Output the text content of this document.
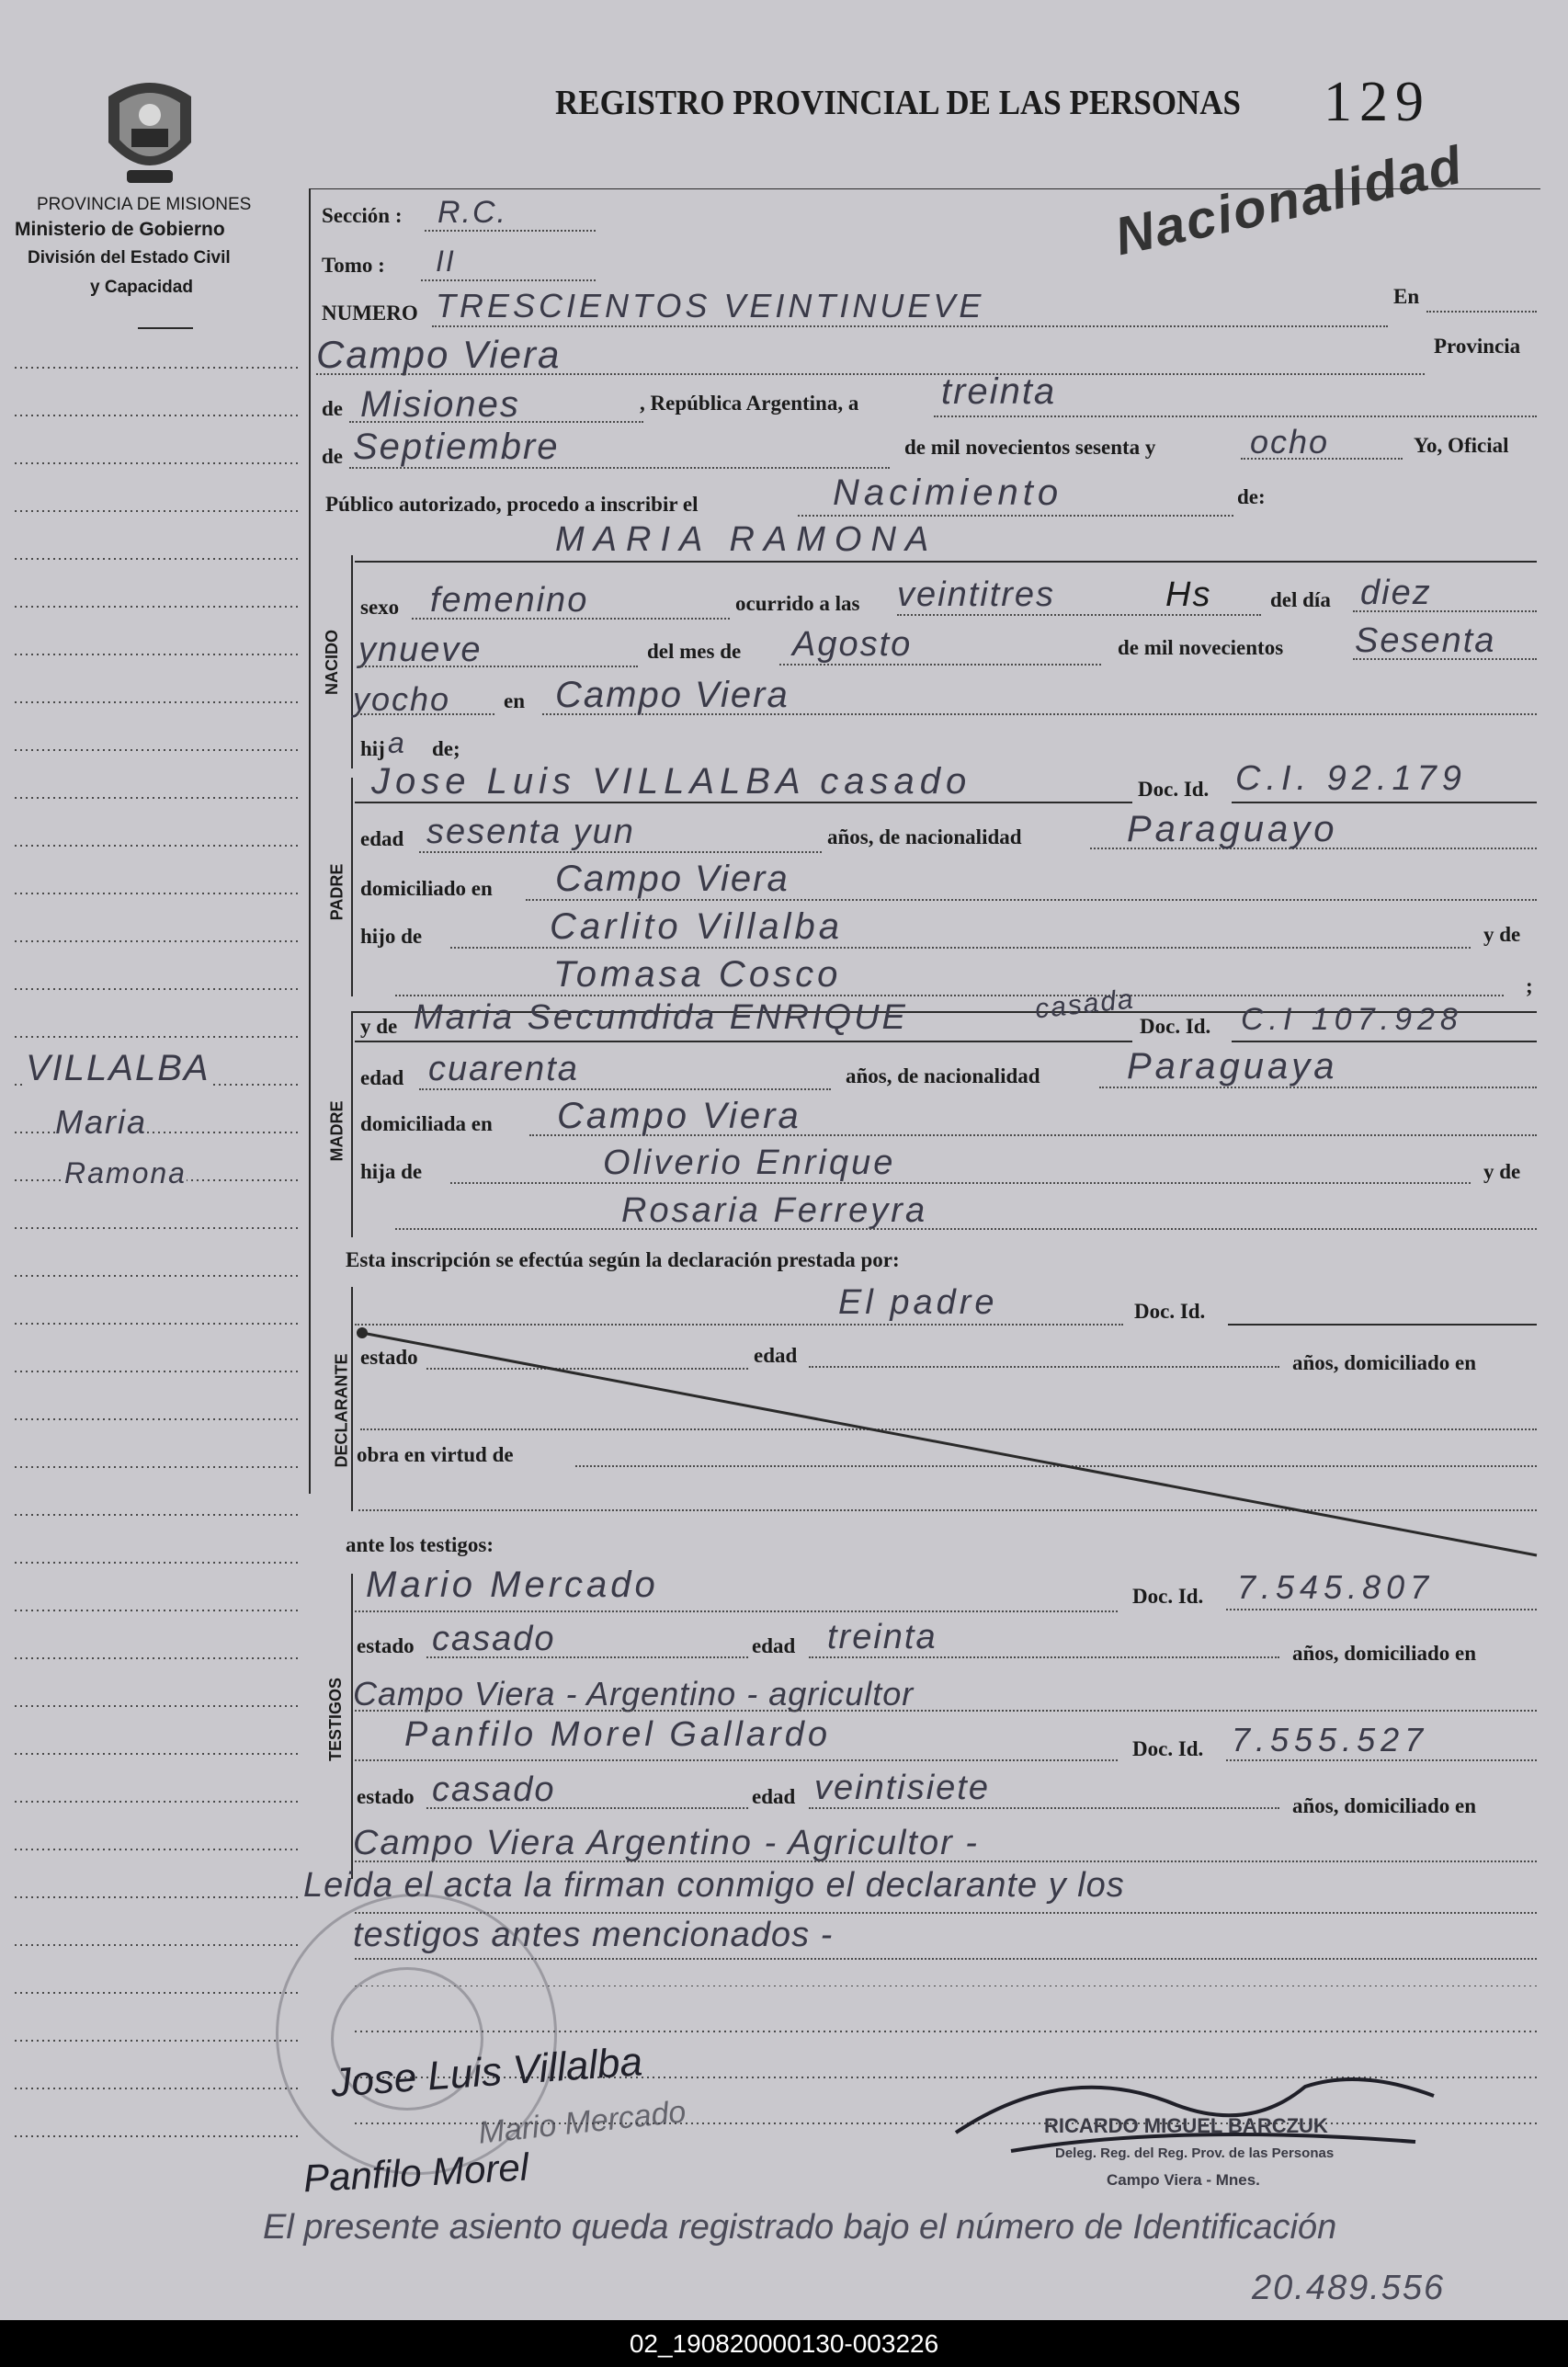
PROVINCIA DE MISIONES
Ministerio de Gobierno
División del Estado Civil
y Capacidad
REGISTRO PROVINCIAL DE LAS PERSONAS 129
Nacionalidad
VILLALBA
Maria
Ramona
Sección : R.C.
Tomo : II
NUMERO TRESCIENTOS VEINTINUEVE	En
Campo Viera	Provincia
de Misiones	, República Argentina, a treinta
de Septiembre	de mil novecientos sesenta y	ocho	Yo, Oficial
Público autorizado, procedo a inscribir el	Nacimiento	de:
NACIDO
MARIA RAMONA
sexo femenino	ocurrido a las veintitres	Hs	del día diez
ynueve	del mes de Agosto	de mil novecientos Sesenta
yocho	en Campo Viera
hij a de;
PADRE
Jose Luis VILLALBA casado	Doc. Id. C.I. 92.179
edad sesenta yun	años, de nacionalidad	Paraguayo
domiciliado en Campo Viera
hijo de	Carlito Villalba	y de
Tomasa Cosco	;
MADRE
y de Maria Secundida ENRIQUE	casada
Doc. Id. C.I 107.928
edad cuarenta	años, de nacionalidad Paraguaya
domiciliada en Campo Viera
hija de	Oliverio Enrique	y de
Rosaria Ferreyra
Esta inscripción se efectúa según la declaración prestada por:
DECLARANTE
El padre	Doc. Id.
estado	edad	años, domiciliado en
obra en virtud de
ante los testigos:
TESTIGOS
Mario Mercado	Doc. Id. 7.545.807
estado casado	edad treinta	años, domiciliado en
Campo Viera - Argentino - agricultor
Panfilo Morel Gallardo	Doc. Id. 7.555.527
estado casado	edad veintisiete	años, domiciliado en
Campo Viera Argentino - Agricultor -
Leida el acta la firman conmigo el declarante y los
testigos antes mencionados -
Jose Luis Villalba
Panfilo Morel
Mario Mercado	RICARDO MIGUEL BARCZUK
Deleg. Reg. del Reg. Prov. de las Personas
Campo Viera - Mnes.
El presente asiento queda registrado bajo el número de Identificación
20.489.556
02_190820000130-003226
